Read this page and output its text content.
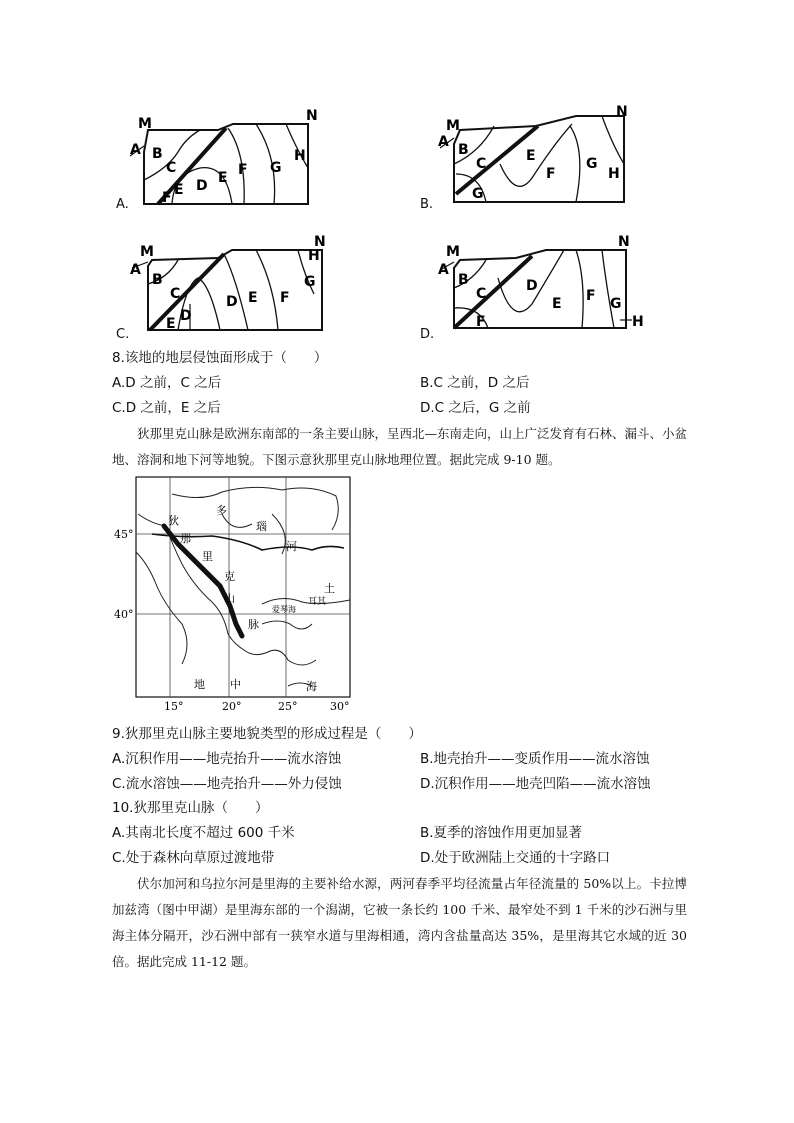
A.
M	N
A B
C
D E F G
H
E
F	B.
M
N
A B
C	E
F
G
H
G
C.
M
N
A
B
C	D E F
G
H
E D
D.
M
N
A
B
C	D
E F G
H
F
8.该地的地层侵蚀面形成于（　　）
A.D 之前，C 之后	B.C 之前，D 之后
C.D 之前，E 之后	D.C 之后，G 之前

狄那里克山脉是欧洲东南部的一条主要山脉，呈西北—东南走向，山上广泛发育有石林、漏斗、小盆地、溶洞和地下河等地貌。下图示意狄那里克山脉地理位置。据此完成 9-10 题。

45°
40°
15°	20°	25°	30°
狄
那
里
克
山
脉
多
瑙
河
地 中	海
土
耳其
爱琴海
9.狄那里克山脉主要地貌类型的形成过程是（　　）
A.沉积作用——地壳抬升——流水溶蚀	B.地壳抬升——变质作用——流水溶蚀
C.流水溶蚀——地壳抬升——外力侵蚀	D.沉积作用——地壳凹陷——流水溶蚀
10.狄那里克山脉（　　）
A.其南北长度不超过 600 千米	B.夏季的溶蚀作用更加显著
C.处于森林向草原过渡地带	D.处于欧洲陆上交通的十字路口

伏尔加河和乌拉尔河是里海的主要补给水源，两河春季平均径流量占年径流量的 50%以上。卡拉博加兹湾（图中甲湖）是里海东部的一个潟湖，它被一条长约 100 千米、最窄处不到 1 千米的沙石洲与里海主体分隔开，沙石洲中部有一狭窄水道与里海相通，湾内含盐量高达 35%，是里海其它水域的近 30 倍。据此完成 11-12 题。
